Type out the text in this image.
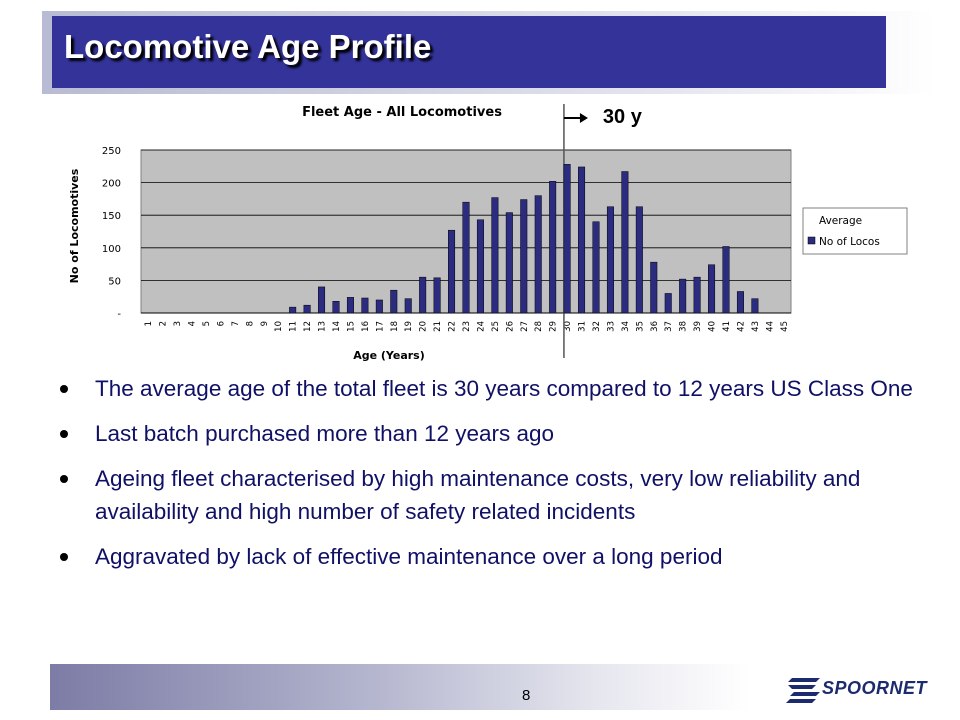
Locomotive Age Profile
-
50
100
150
200
250
1 2 3 4 5 6 7 8 9 10 11 12 13 14 15 16 17 18 19 20 21 22 23 24 25 26 27 28 29 30 31 32 33 34 35 36 37 38 39 40 41 42 43 44 45
Fleet Age - All Locomotives
Age (Years)
No of Locomotives
30 y
Average
No of Locos
The average age of the total fleet is 30 years compared to 12 years US Class One
Last batch purchased more than 12 years ago
Ageing fleet characterised by high maintenance costs, very low reliability and availability and high number of safety related incidents
Aggravated by lack of effective maintenance over a long period
8	SPOORNET
